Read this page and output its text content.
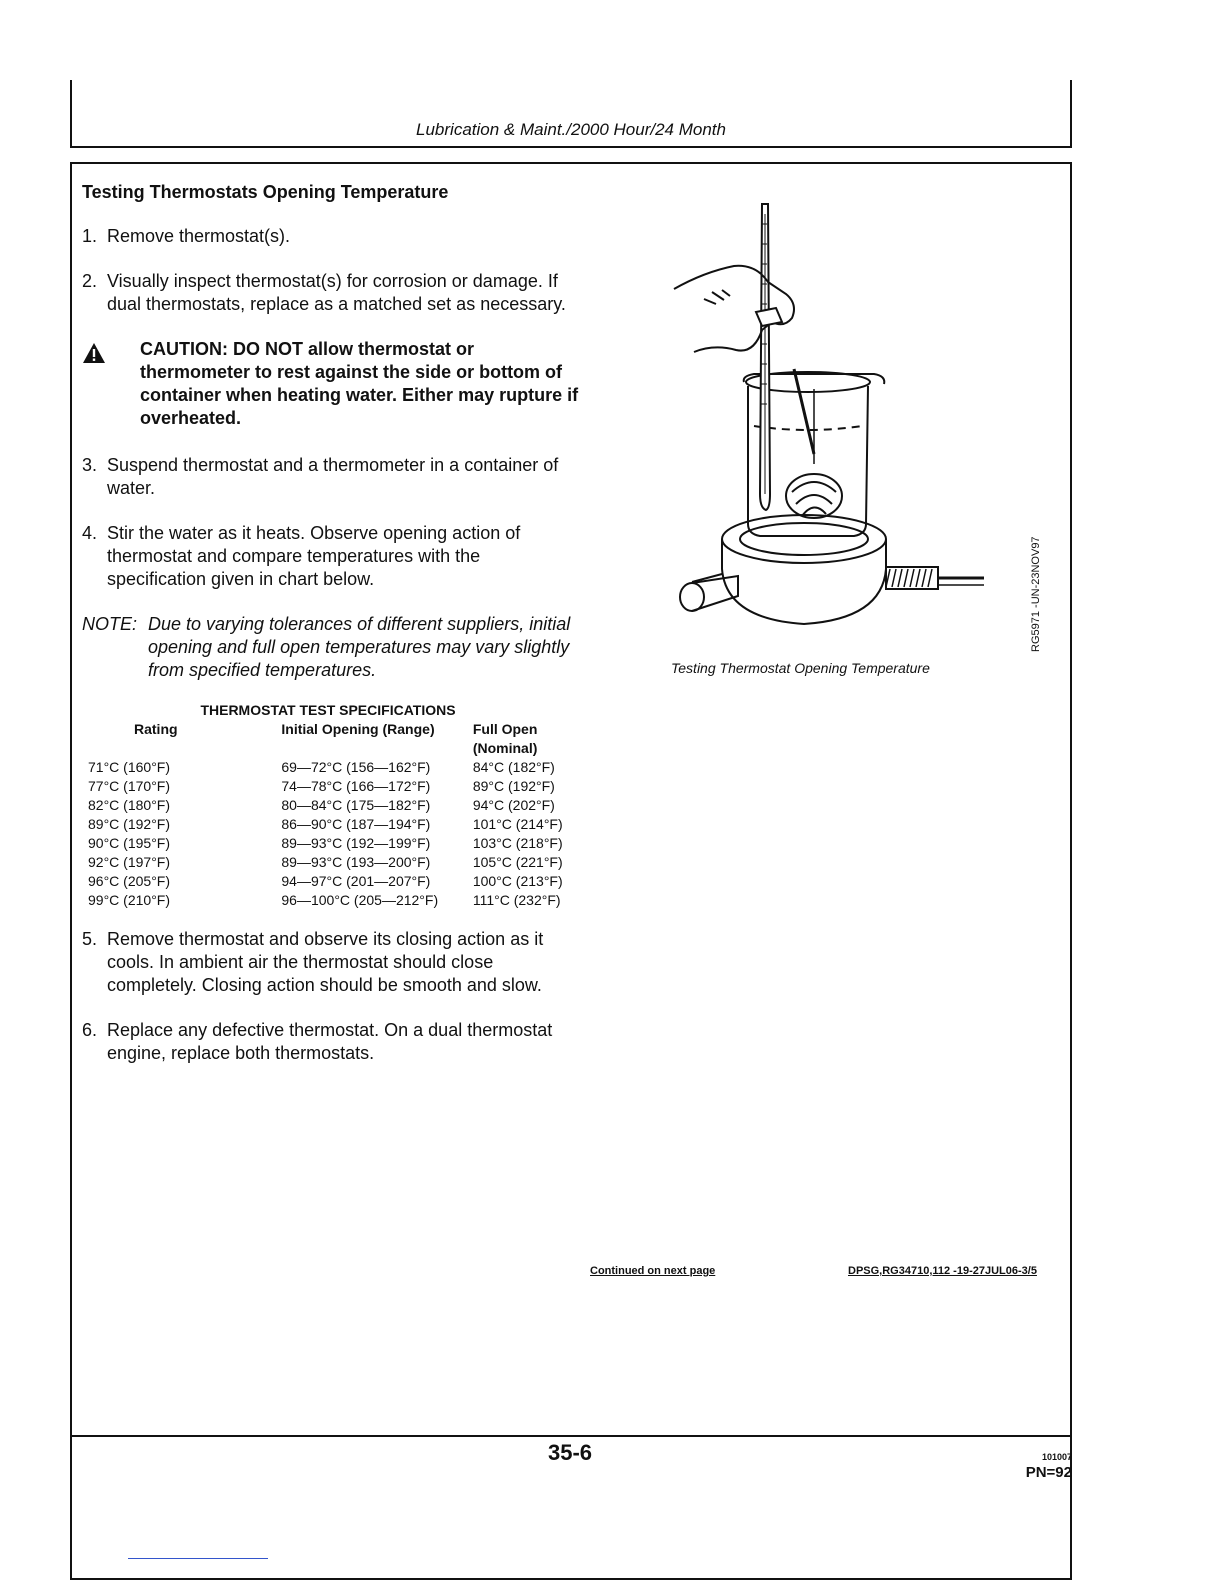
Lubrication & Maint./2000 Hour/24 Month
Testing Thermostats Opening Temperature
1. Remove thermostat(s).
2. Visually inspect thermostat(s) for corrosion or damage. If dual thermostats, replace as a matched set as necessary.
CAUTION: DO NOT allow thermostat or thermometer to rest against the side or bottom of container when heating water. Either may rupture if overheated.
3. Suspend thermostat and a thermometer in a container of water.
4. Stir the water as it heats. Observe opening action of thermostat and compare temperatures with the specification given in chart below.
NOTE: Due to varying tolerances of different suppliers, initial opening and full open temperatures may vary slightly from specified temperatures.
THERMOSTAT TEST SPECIFICATIONS
Rating	Initial Opening (Range)	Full Open (Nominal)
71°C (160°F)	69—72°C (156—162°F)	84°C (182°F)
77°C (170°F)	74—78°C (166—172°F)	89°C (192°F)
82°C (180°F)	80—84°C (175—182°F)	94°C (202°F)
89°C (192°F)	86—90°C (187—194°F)	101°C (214°F)
90°C (195°F)	89—93°C (192—199°F)	103°C (218°F)
92°C (197°F)	89—93°C (193—200°F)	105°C (221°F)
96°C (205°F)	94—97°C (201—207°F)	100°C (213°F)
99°C (210°F)	96—100°C (205—212°F)	111°C (232°F)
5. Remove thermostat and observe its closing action as it cools. In ambient air the thermostat should close completely. Closing action should be smooth and slow.
6. Replace any defective thermostat. On a dual thermostat engine, replace both thermostats.
Testing Thermostat Opening Temperature
RG5971 -UN-23NOV97
Continued on next page	DPSG,RG34710,112 -19-27JUL06-3/5
35-6	101007
PN=92
